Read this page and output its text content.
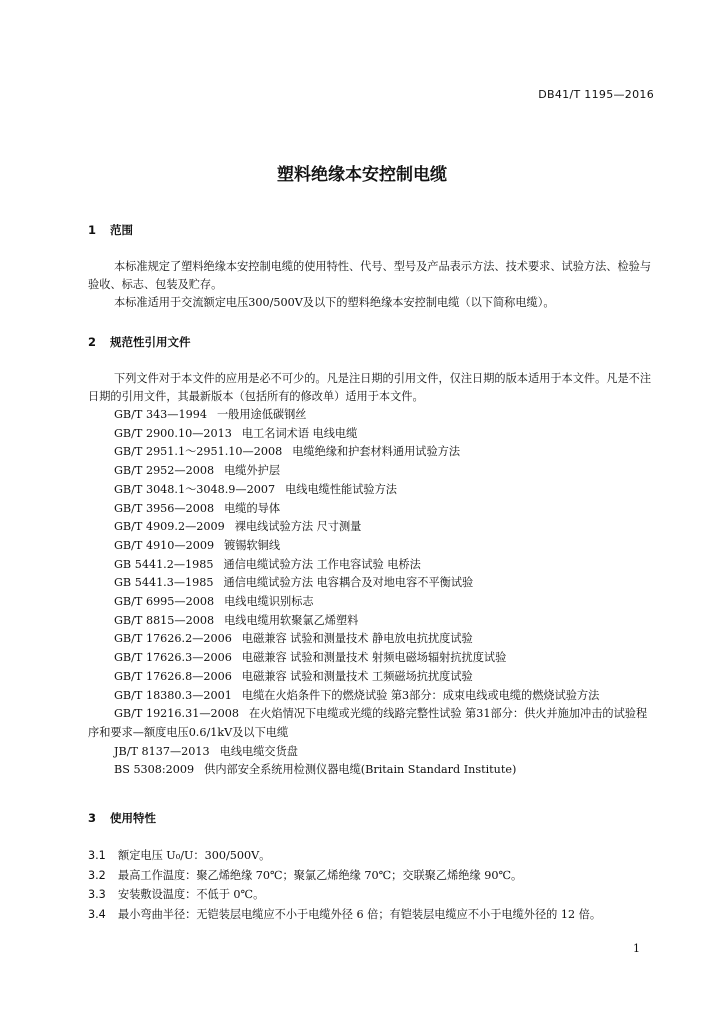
DB41/T 1195—2016
塑料绝缘本安控制电缆
1 范围
本标准规定了塑料绝缘本安控制电缆的使用特性、代号、型号及产品表示方法、技术要求、试验方法、检验与验收、标志、包装及贮存。
本标准适用于交流额定电压300/500V及以下的塑料绝缘本安控制电缆（以下简称电缆）。
2 规范性引用文件
下列文件对于本文件的应用是必不可少的。凡是注日期的引用文件，仅注日期的版本适用于本文件。凡是不注日期的引用文件，其最新版本（包括所有的修改单）适用于本文件。
GB/T 343—1994 一般用途低碳钢丝
GB/T 2900.10—2013 电工名词术语 电线电缆
GB/T 2951.1～2951.10—2008 电缆绝缘和护套材料通用试验方法
GB/T 2952—2008 电缆外护层
GB/T 3048.1～3048.9—2007 电线电缆性能试验方法
GB/T 3956—2008 电缆的导体
GB/T 4909.2—2009 裸电线试验方法 尺寸测量
GB/T 4910—2009 镀锡软铜线
GB 5441.2—1985 通信电缆试验方法 工作电容试验 电桥法
GB 5441.3—1985 通信电缆试验方法 电容耦合及对地电容不平衡试验
GB/T 6995—2008 电线电缆识别标志
GB/T 8815—2008 电线电缆用软聚氯乙烯塑料
GB/T 17626.2—2006 电磁兼容 试验和测量技术 静电放电抗扰度试验
GB/T 17626.3—2006 电磁兼容 试验和测量技术 射频电磁场辐射抗扰度试验
GB/T 17626.8—2006 电磁兼容 试验和测量技术 工频磁场抗扰度试验
GB/T 18380.3—2001 电缆在火焰条件下的燃烧试验 第3部分：成束电线或电缆的燃烧试验方法
GB/T 19216.31—2008 在火焰情况下电缆或光缆的线路完整性试验 第31部分：供火并施加冲击的试验程序和要求—额度电压0.6/1kV及以下电缆
JB/T 8137—2013 电线电缆交货盘
BS 5308:2009 供内部安全系统用检测仪器电缆(Britain Standard Institute)
3 使用特性
3.1 额定电压 U₀/U：300/500V。
3.2 最高工作温度：聚乙烯绝缘 70℃；聚氯乙烯绝缘 70℃；交联聚乙烯绝缘 90℃。
3.3 安装敷设温度：不低于 0℃。
3.4 最小弯曲半径：无铠装层电缆应不小于电缆外径 6 倍；有铠装层电缆应不小于电缆外径的 12 倍。
1
